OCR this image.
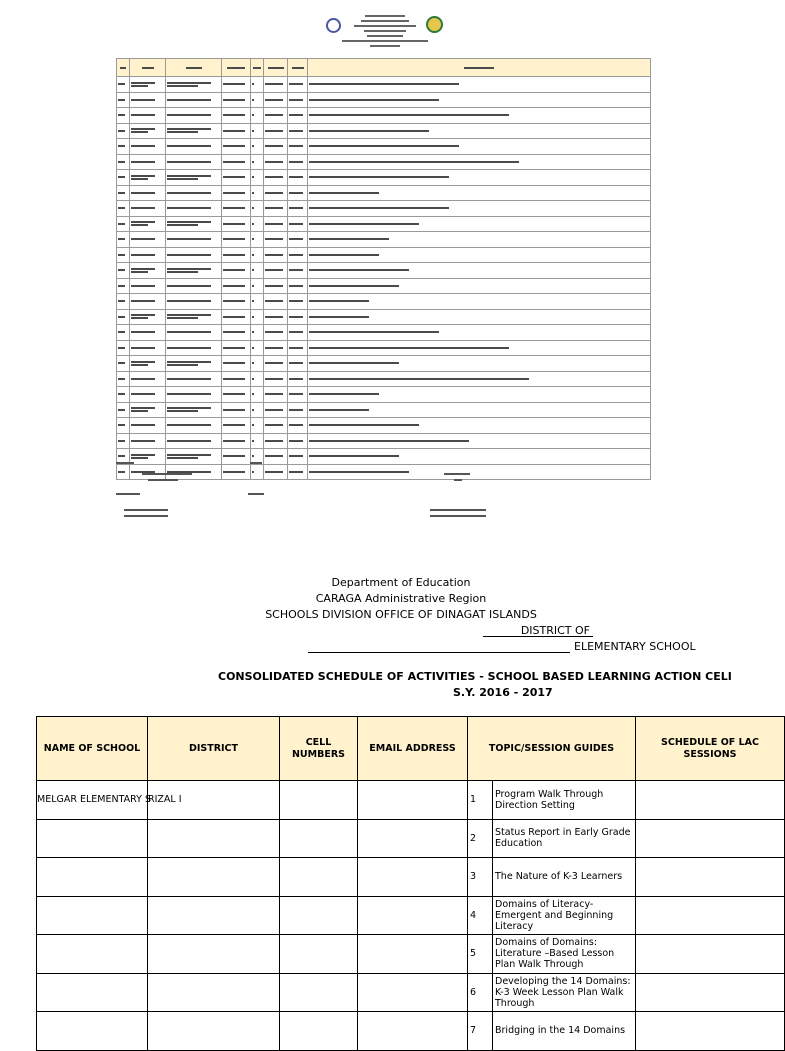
Department of Education
CARAGA Administrative Region
SCHOOLS DIVISION OFFICE OF DINAGAT ISLANDS
DISTRICT OF
ELEMENTARY SCHOOL
CONSOLIDATED SCHEDULE OF ACTIVITIES - SCHOOL BASED LEARNING ACTION CELI
S.Y. 2016 - 2017
NAME OF SCHOOL	DISTRICT	CELL NUMBERS	EMAIL ADDRESS	TOPIC/SESSION GUIDES		SCHEDULE OF LAC SESSIONS
MELGAR ELEMENTARY S	RIZAL I			1	Program Walk Through Direction Setting	
				2	Status Report in Early Grade Education	
				3	The Nature of K-3 Learners	
				4	Domains of Literacy-Emergent and Beginning Literacy	
				5	Domains of Domains: Literature –Based Lesson Plan Walk Through	
				6	Developing the 14 Domains: K-3 Week Lesson Plan Walk Through	
				7	Bridging in the 14 Domains	
